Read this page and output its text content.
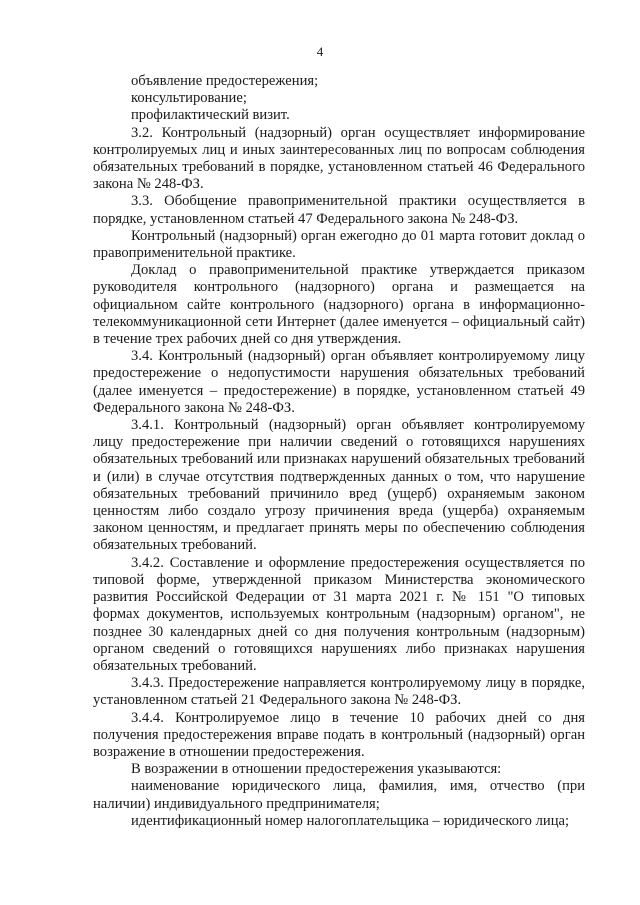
4

объявление предостережения;

консультирование;

профилактический визит.

3.2. Контрольный (надзорный) орган осуществляет информирование контролируемых лиц и иных заинтересованных лиц по вопросам соблюдения обязательных требований в порядке, установленном статьей 46 Федерального закона № 248-ФЗ.

3.3. Обобщение правоприменительной практики осуществляется в порядке, установленном статьей 47 Федерального закона № 248-ФЗ.

Контрольный (надзорный) орган ежегодно до 01 марта готовит доклад о правоприменительной практике.

Доклад о правоприменительной практике утверждается приказом руководителя контрольного (надзорного) органа и размещается на официальном сайте контрольного (надзорного) органа в информационно-телекоммуникационной сети Интернет (далее именуется – официальный сайт) в течение трех рабочих дней со дня утверждения.

3.4. Контрольный (надзорный) орган объявляет контролируемому лицу предостережение о недопустимости нарушения обязательных требований (далее именуется – предостережение) в порядке, установленном статьей 49 Федерального закона № 248-ФЗ.

3.4.1. Контрольный (надзорный) орган объявляет контролируемому лицу предостережение при наличии сведений о готовящихся нарушениях обязательных требований или признаках нарушений обязательных требований и (или) в случае отсутствия подтвержденных данных о том, что нарушение обязательных требований причинило вред (ущерб) охраняемым законом ценностям либо создало угрозу причинения вреда (ущерба) охраняемым законом ценностям, и предлагает принять меры по обеспечению соблюдения обязательных требований.

3.4.2. Составление и оформление предостережения осуществляется по типовой форме, утвержденной приказом Министерства экономического развития Российской Федерации от 31 марта 2021 г. № 151 "О типовых формах документов, используемых контрольным (надзорным) органом", не позднее 30 календарных дней со дня получения контрольным (надзорным) органом сведений о готовящихся нарушениях либо признаках нарушения обязательных требований.

3.4.3. Предостережение направляется контролируемому лицу в порядке, установленном статьей 21 Федерального закона № 248-ФЗ.

3.4.4. Контролируемое лицо в течение 10 рабочих дней со дня получения предостережения вправе подать в контрольный (надзорный) орган возражение в отношении предостережения.

В возражении в отношении предостережения указываются:

наименование юридического лица, фамилия, имя, отчество (при наличии) индивидуального предпринимателя;

идентификационный номер налогоплательщика – юридического лица;
